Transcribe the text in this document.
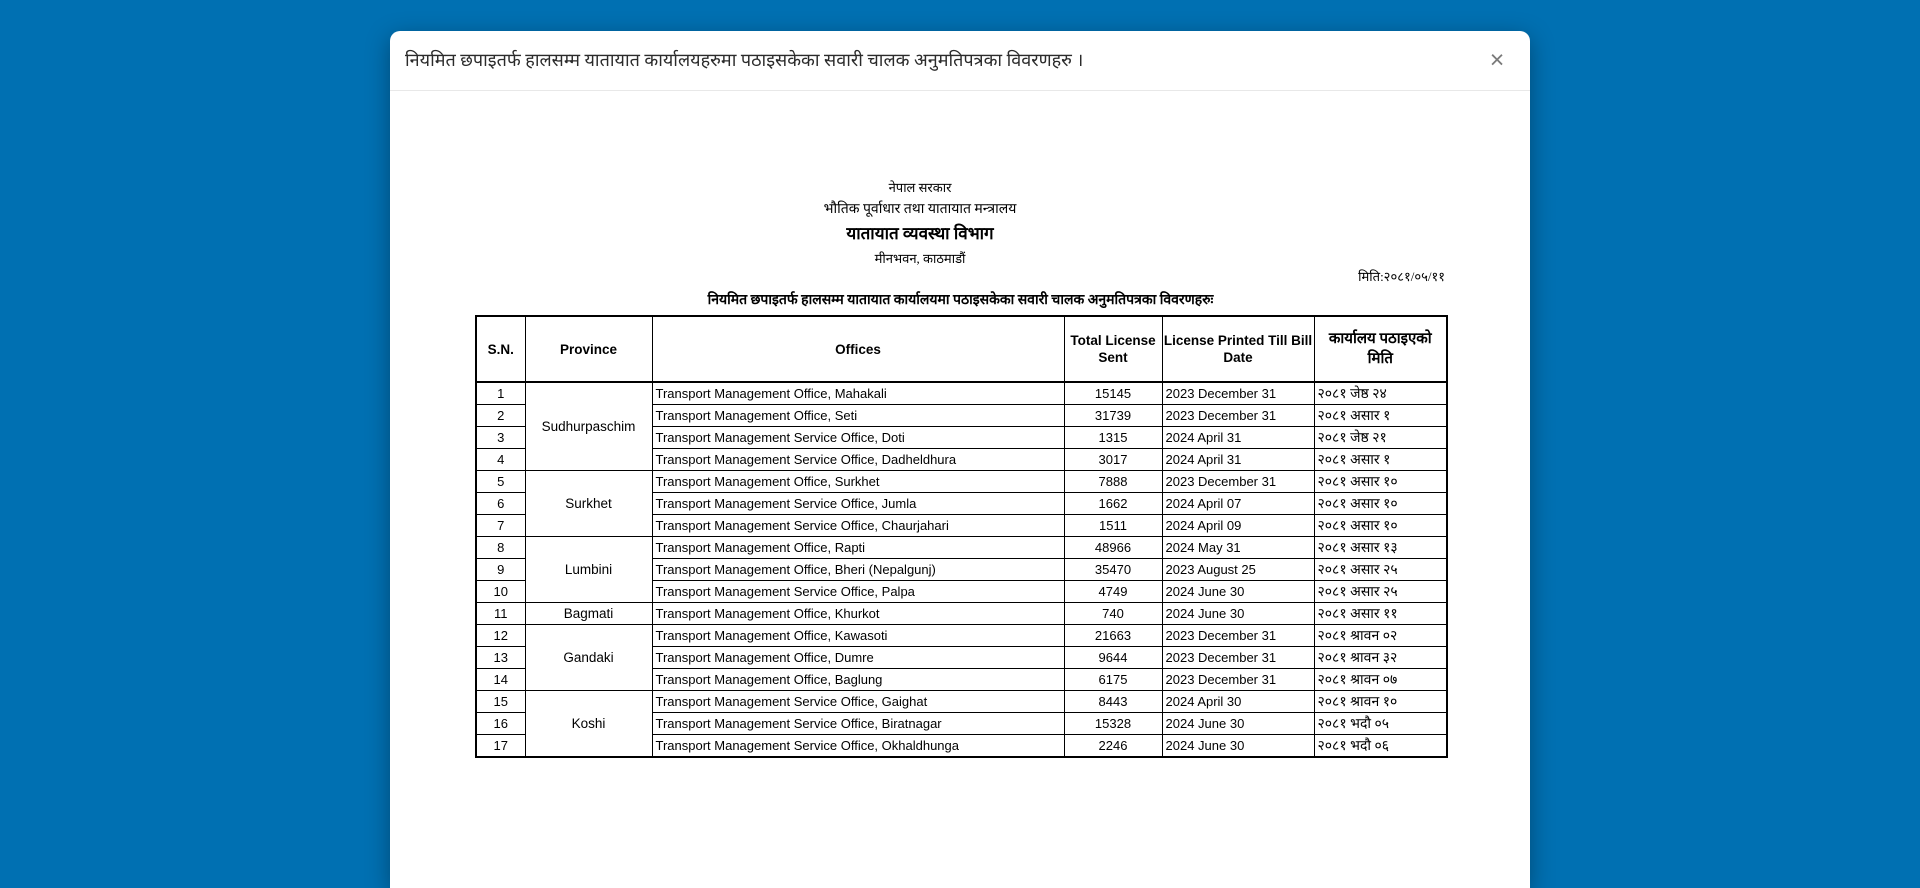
नियमित छपाइतर्फ हालसम्म यातायात कार्यालयहरुमा पठाइसकेका सवारी चालक अनुमतिपत्रका विवरणहरु ।	×
नेपाल सरकार
भौतिक पूर्वाधार तथा यातायात मन्त्रालय
यातायात व्यवस्था विभाग
मीनभवन, काठमाडौं
मिति:२०८१/०५/११
नियमित छपाइतर्फ हालसम्म यातायात कार्यालयमा पठाइसकेका सवारी चालक अनुमतिपत्रका विवरणहरुः
S.N.	Province	Offices	Total License Sent	License Printed Till Bill Date	कार्यालय पठाइएको मिति
1	Sudhurpaschim	Transport Management Office, Mahakali	15145	2023 December 31	२०८१ जेष्ठ २४
2		Transport Management Office, Seti	31739	2023 December 31	२०८१ असार १
3		Transport Management Service Office, Doti	1315	2024 April 31	२०८१ जेष्ठ २१
4		Transport Management Service Office, Dadheldhura	3017	2024 April 31	२०८१ असार १
5	Surkhet	Transport Management Office, Surkhet	7888	2023 December 31	२०८१ असार १०
6		Transport Management Service Office, Jumla	1662	2024 April 07	२०८१ असार १०
7		Transport Management Service Office, Chaurjahari	1511	2024 April 09	२०८१ असार १०
8	Lumbini	Transport Management Office, Rapti	48966	2024 May 31	२०८१ असार १३
9		Transport Management Office, Bheri (Nepalgunj)	35470	2023 August 25	२०८१ असार २५
10		Transport Management Service Office, Palpa	4749	2024 June 30	२०८१ असार २५
11	Bagmati	Transport Management Office, Khurkot	740	2024 June 30	२०८१ असार ११
12	Gandaki	Transport Management Office, Kawasoti	21663	2023 December 31	२०८१ श्रावन ०२
13		Transport Management Office, Dumre	9644	2023 December 31	२०८१ श्रावन ३२
14		Transport Management Office, Baglung	6175	2023 December 31	२०८१ श्रावन ०७
15	Koshi	Transport Management Service Office, Gaighat	8443	2024 April 30	२०८१ श्रावन १०
16		Transport Management Service Office, Biratnagar	15328	2024 June 30	२०८१ भदौ ०५
17		Transport Management Service Office, Okhaldhunga	2246	2024 June 30	२०८१ भदौ ०६
